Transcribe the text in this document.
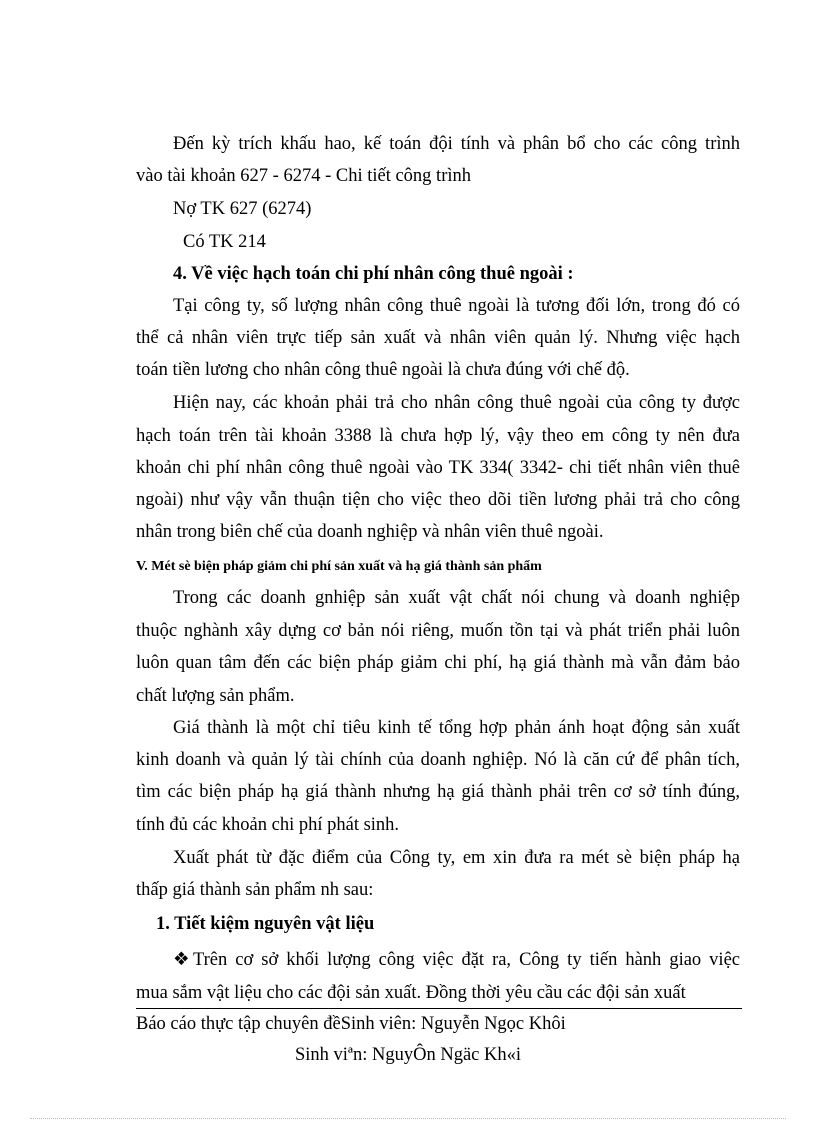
Đến kỳ trích khấu hao, kế toán đội tính và phân bổ cho các công trình
vào tài khoản 627 - 6274 - Chi tiết công trình
Nợ TK 627 (6274)
Có TK 214
4. Về việc hạch toán chi phí nhân công thuê ngoài :
Tại công ty, số lượng nhân công thuê ngoài là tương đối lớn, trong đó có
thể cả nhân viên trực tiếp sản xuất và nhân viên quản lý. Nhưng việc hạch
toán tiền lương cho nhân công thuê ngoài là chưa đúng với chế độ.
Hiện nay, các khoản phải trả cho nhân công thuê ngoài của công ty được
hạch toán trên tài khoản 3388 là chưa hợp lý, vậy theo em công ty nên đưa
khoản chi phí nhân công thuê ngoài vào TK 334( 3342- chi tiết nhân viên thuê
ngoài) như vậy vẫn thuận tiện cho việc theo dõi tiền lương phải trả cho công
nhân trong biên chế của doanh nghiệp và nhân viên thuê ngoài.
V. Mét sè biện pháp giảm chi phí sản xuất và hạ giá thành sản phẩm
Trong các doanh gnhiệp sản xuất vật chất nói chung và doanh nghiệp
thuộc nghành xây dựng cơ bản nói riêng, muốn tồn tại và phát triển phải luôn
luôn quan tâm đến các biện pháp giảm chi phí, hạ giá thành mà vẫn đảm bảo
chất lượng sản phẩm.
Giá thành là một chỉ tiêu kinh tế tổng hợp phản ánh hoạt động sản xuất
kinh doanh và quản lý tài chính của doanh nghiệp. Nó là căn cứ để phân tích,
tìm các biện pháp hạ giá thành nhưng hạ giá thành phải trên cơ sở tính đúng,
tính đủ các khoản chi phí phát sinh.
Xuất phát từ đặc điểm của Công ty, em xin đưa ra mét sè biện pháp hạ
thấp giá thành sản phẩm nh sau:
1. Tiết kiệm nguyên vật liệu
❖Trên cơ sở khối lượng công việc đặt ra, Công ty tiến hành giao việc
mua sắm vật liệu cho các đội sản xuất. Đồng thời yêu cầu các đội sản xuất
Báo cáo thực tập chuyên đềSinh viên: Nguyễn Ngọc Khôi
Sinh viªn: NguyÔn Ngäc Kh«i
